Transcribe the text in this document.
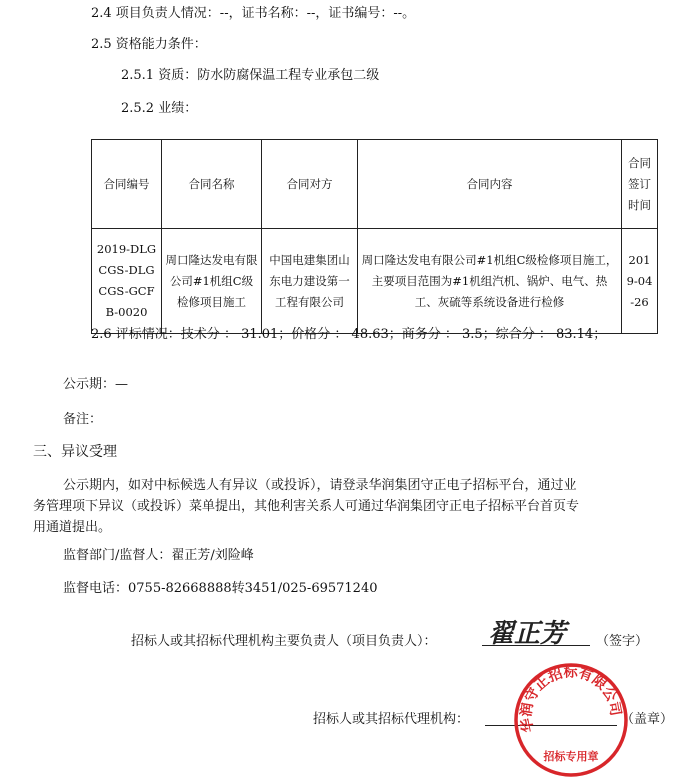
2.4 项目负责人情况：--，证书名称：--，证书编号：--。
2.5 资格能力条件：
2.5.1 资质：防水防腐保温工程专业承包二级
2.5.2 业绩：
合同编号	合同名称	合同对方	合同内容	合同签订时间
2019-DLGCGS-DLGCGS-GCFB-0020	周口隆达发电有限公司#1机组C级检修项目施工	中国电建集团山东电力建设第一工程有限公司	周口隆达发电有限公司#1机组C级检修项目施工，主要项目范围为#1机组汽机、锅炉、电气、热工、灰硫等系统设备进行检修	2019-04-26
2.6 评标情况：技术分 ： 31.01；价格分 ： 48.63；商务分 ： 3.5；综合分 ： 83.14；
公示期：—
备注：
三、异议受理
公示期内，如对中标候选人有异议（或投诉），请登录华润集团守正电子招标平台，通过业
务管理项下异议（或投诉）菜单提出，其他利害关系人可通过华润集团守正电子招标平台首页专
用通道提出。
监督部门/监督人：翟正芳/刘险峰
监督电话：0755-82668888转3451/025-69571240
招标人或其招标代理机构主要负责人（项目负责人）： 翟正芳	（签字）
招标人或其招标代理机构：	（盖章）
华润守正招标有限公司
招标专用章
